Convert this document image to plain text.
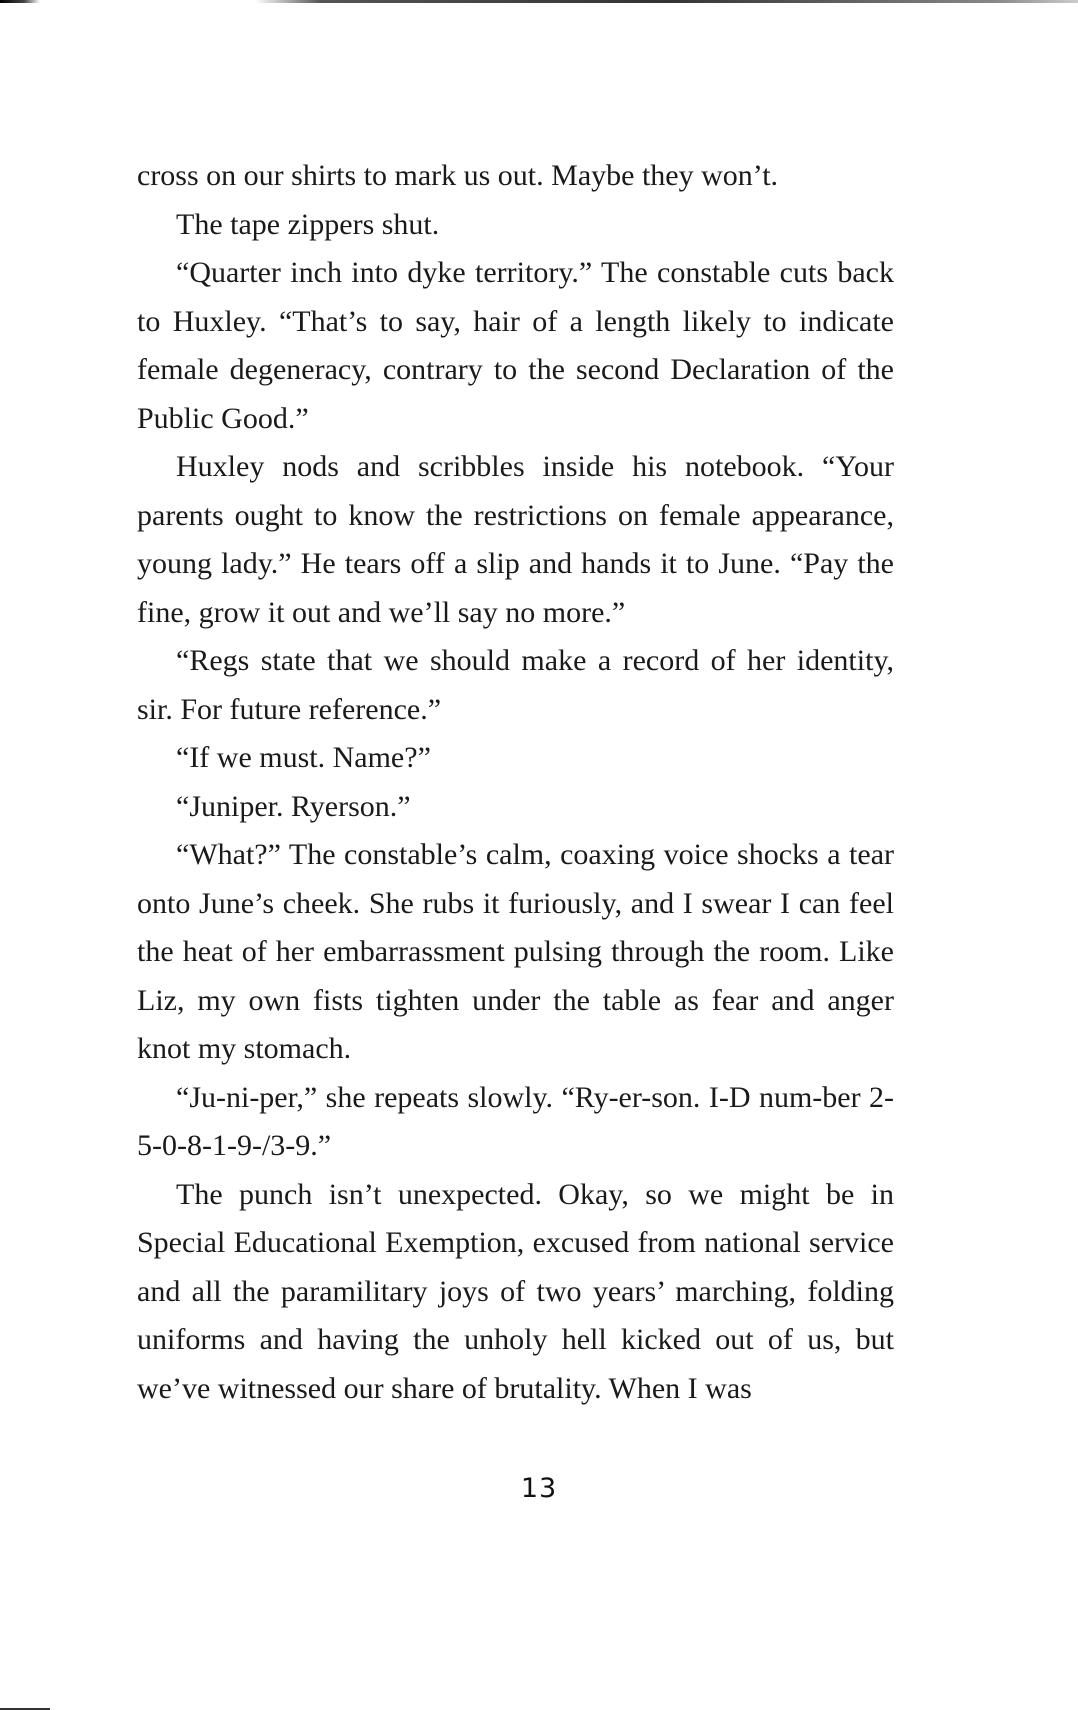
cross on our shirts to mark us out. Maybe they won’t.

The tape zippers shut.

“Quarter inch into dyke territory.” The constable cuts back to Huxley. “That’s to say, hair of a length likely to indicate female degeneracy, contrary to the second Declaration of the Public Good.”

Huxley nods and scribbles inside his notebook. “Your parents ought to know the restrictions on female appearance, young lady.” He tears off a slip and hands it to June. “Pay the fine, grow it out and we’ll say no more.”

“Regs state that we should make a record of her identity, sir. For future reference.”

“If we must. Name?”

“Juniper. Ryerson.”

“What?” The constable’s calm, coaxing voice shocks a tear onto June’s cheek. She rubs it furiously, and I swear I can feel the heat of her embarrassment pulsing through the room. Like Liz, my own fists tighten under the table as fear and anger knot my stomach.

“Ju-ni-per,” she repeats slowly. “Ry-er-son. I-D num-ber 2-5-0-8-1-9-/3-9.”

The punch isn’t unexpected. Okay, so we might be in Special Educational Exemption, excused from national service and all the paramilitary joys of two years’ marching, folding uniforms and having the unholy hell kicked out of us, but we’ve witnessed our share of brutality. When I was

13
